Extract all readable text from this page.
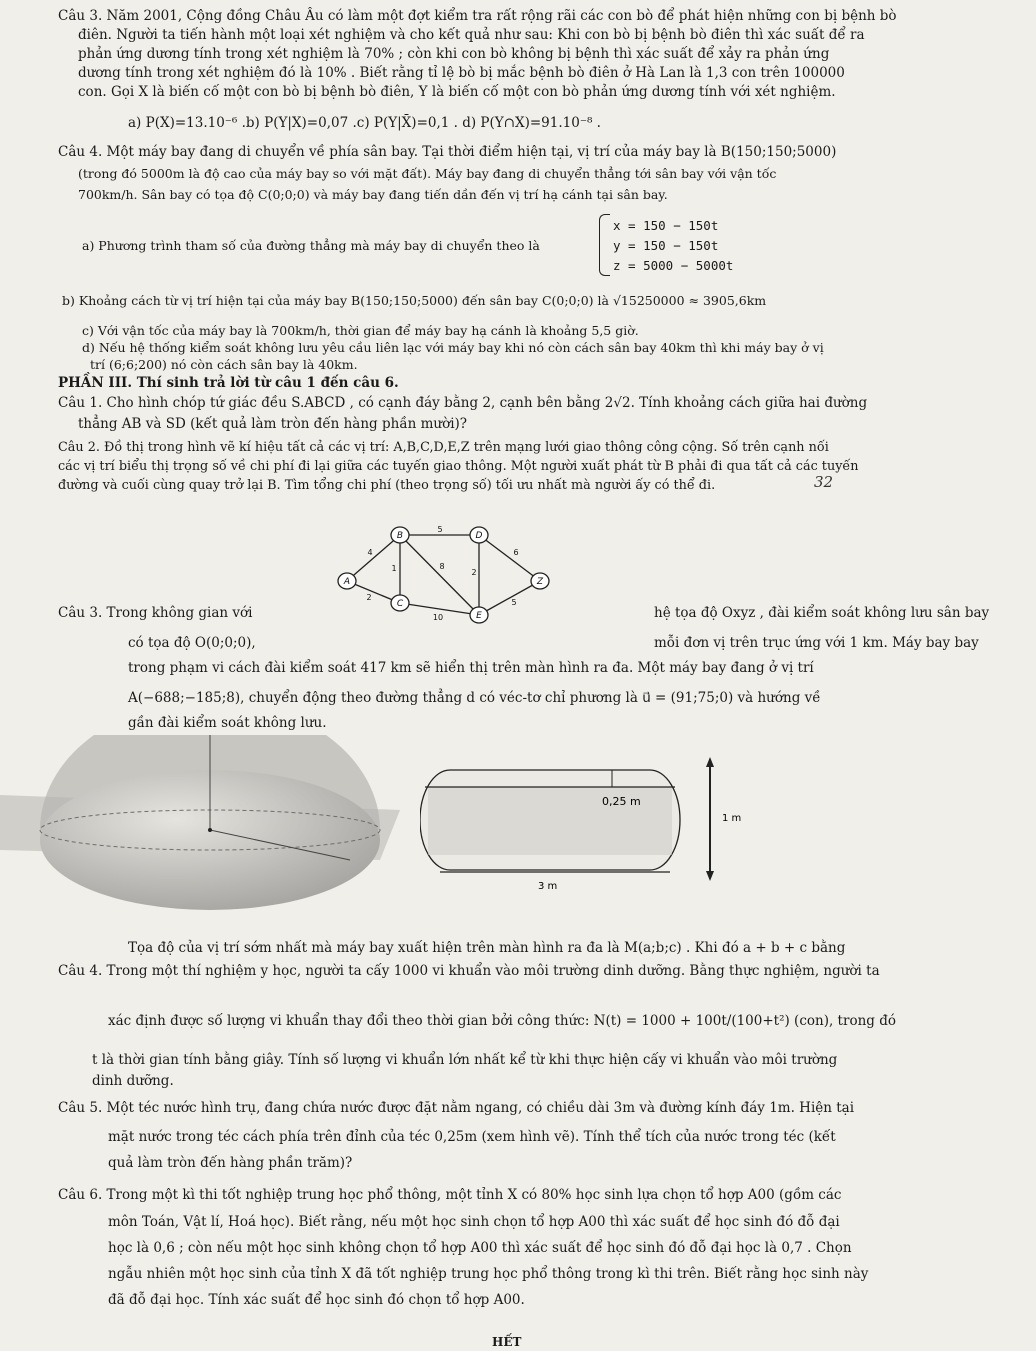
Câu 3. Năm 2001, Cộng đồng Châu Âu có làm một đợt kiểm tra rất rộng rãi các con bò để phát hiện những con bị bệnh bò
điên. Người ta tiến hành một loại xét nghiệm và cho kết quả như sau: Khi con bò bị bệnh bò điên thì xác suất để ra
phản ứng dương tính trong xét nghiệm là 70% ; còn khi con bò không bị bệnh thì xác suất để xảy ra phản ứng
dương tính trong xét nghiệm đó là 10% . Biết rằng tỉ lệ bò bị mắc bệnh bò điên ở Hà Lan là 1,3 con trên 100000
con. Gọi X là biến cố một con bò bị bệnh bò điên, Y là biến cố một con bò phản ứng dương tính với xét nghiệm.
a) P(X)=13.10⁻⁶ .b) P(Y|X)=0,07 .c) P(Y|X̄)=0,1 . d) P(Y∩X)=91.10⁻⁸ .
Câu 4. Một máy bay đang di chuyển về phía sân bay. Tại thời điểm hiện tại, vị trí của máy bay là B(150;150;5000)
(trong đó 5000m là độ cao của máy bay so với mặt đất). Máy bay đang di chuyển thẳng tới sân bay với vận tốc
700km/h. Sân bay có tọa độ C(0;0;0) và máy bay đang tiến dần đến vị trí hạ cánh tại sân bay.
a) Phương trình tham số của đường thẳng mà máy bay di chuyển theo là
x = 150 − 150t
y = 150 − 150t
z = 5000 − 5000t
b) Khoảng cách từ vị trí hiện tại của máy bay B(150;150;5000) đến sân bay C(0;0;0) là √15250000 ≈ 3905,6km
c) Với vận tốc của máy bay là 700km/h, thời gian để máy bay hạ cánh là khoảng 5,5 giờ.
d) Nếu hệ thống kiểm soát không lưu yêu cầu liên lạc với máy bay khi nó còn cách sân bay 40km thì khi máy bay ở vị
trí (6;6;200) nó còn cách sân bay là 40km.
PHẦN III. Thí sinh trả lời từ câu 1 đến câu 6.
Câu 1. Cho hình chóp tứ giác đều S.ABCD , có cạnh đáy bằng 2, cạnh bên bằng 2√2. Tính khoảng cách giữa hai đường
thẳng AB và SD (kết quả làm tròn đến hàng phần mười)?
Câu 2. Đồ thị trong hình vẽ kí hiệu tất cả các vị trí: A,B,C,D,E,Z trên mạng lưới giao thông công cộng. Số trên cạnh nối
các vị trí biểu thị trọng số về chi phí đi lại giữa các tuyến giao thông. Một người xuất phát từ B phải đi qua tất cả các tuyến
đường và cuối cùng quay trở lại B. Tìm tổng chi phí (theo trọng số) tối ưu nhất mà người ấy có thể đi.	32
B	D
A
C
E
Z
4
5
1	8
6
2
2
10
5
Câu 3. Trong không gian với	hệ tọa độ Oxyz , đài kiểm soát không lưu sân bay
có tọa độ O(0;0;0),	mỗi đơn vị trên trục ứng với 1 km. Máy bay bay
trong phạm vi cách đài kiểm soát 417 km sẽ hiển thị trên màn hình ra đa. Một máy bay đang ở vị trí
A(−688;−185;8), chuyển động theo đường thẳng d có véc-tơ chỉ phương là u⃗ = (91;75;0) và hướng về
gần đài kiểm soát không lưu.
0,25 m
1 m
3 m
Tọa độ của vị trí sớm nhất mà máy bay xuất hiện trên màn hình ra đa là M(a;b;c) . Khi đó a + b + c bằng
Câu 4. Trong một thí nghiệm y học, người ta cấy 1000 vi khuẩn vào môi trường dinh dưỡng. Bằng thực nghiệm, người ta
xác định được số lượng vi khuẩn thay đổi theo thời gian bởi công thức: N(t) = 1000 + 100t/(100+t²) (con), trong đó
t là thời gian tính bằng giây. Tính số lượng vi khuẩn lớn nhất kể từ khi thực hiện cấy vi khuẩn vào môi trường
dinh dưỡng.
Câu 5. Một téc nước hình trụ, đang chứa nước được đặt nằm ngang, có chiều dài 3m và đường kính đáy 1m. Hiện tại
mặt nước trong téc cách phía trên đỉnh của téc 0,25m (xem hình vẽ). Tính thể tích của nước trong téc (kết
quả làm tròn đến hàng phần trăm)?
Câu 6. Trong một kì thi tốt nghiệp trung học phổ thông, một tỉnh X có 80% học sinh lựa chọn tổ hợp A00 (gồm các
môn Toán, Vật lí, Hoá học). Biết rằng, nếu một học sinh chọn tổ hợp A00 thì xác suất để học sinh đó đỗ đại
học là 0,6 ; còn nếu một học sinh không chọn tổ hợp A00 thì xác suất để học sinh đó đỗ đại học là 0,7 . Chọn
ngẫu nhiên một học sinh của tỉnh X đã tốt nghiệp trung học phổ thông trong kì thi trên. Biết rằng học sinh này
đã đỗ đại học. Tính xác suất để học sinh đó chọn tổ hợp A00.
HẾT
